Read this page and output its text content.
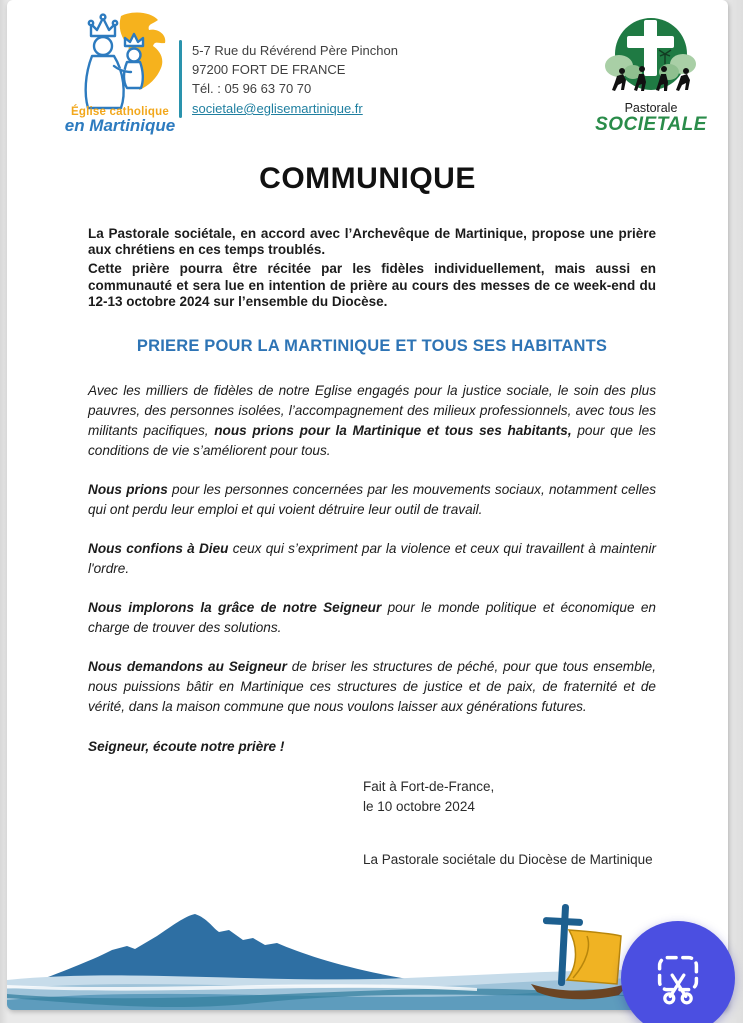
Église catholique
en Martinique
5-7 Rue du Révérend Père Pinchon
97200 FORT DE FRANCE
Tél. : 05 96 63 70 70
societale@eglisemartinique.fr	Pastorale
SOCIETALE
COMMUNIQUE

La Pastorale sociétale, en accord avec l’Archevêque de Martinique, propose une prière aux chrétiens en ces temps troublés.

Cette prière pourra être récitée par les fidèles individuellement, mais aussi en communauté et sera lue en intention de prière au cours des messes de ce week-end du 12-13 octobre 2024 sur l’ensemble du Diocèse.

PRIERE POUR LA MARTINIQUE ET TOUS SES HABITANTS

Avec les milliers de fidèles de notre Eglise engagés pour la justice sociale, le soin des plus pauvres, des personnes isolées, l’accompagnement des milieux professionnels, avec tous les militants pacifiques, nous prions pour la Martinique et tous ses habitants, pour que les conditions de vie s’améliorent pour tous.

Nous prions pour les personnes concernées par les mouvements sociaux, notamment celles qui ont perdu leur emploi et qui voient détruire leur outil de travail.

Nous confions à Dieu ceux qui s’expriment par la violence et ceux qui travaillent à maintenir l'ordre.

Nous implorons la grâce de notre Seigneur pour le monde politique et économique en charge de trouver des solutions.

Nous demandons au Seigneur de briser les structures de péché, pour que tous ensemble, nous puissions bâtir en Martinique ces structures de justice et de paix, de fraternité et de vérité, dans la maison commune que nous voulons laisser aux générations futures.

Seigneur, écoute notre prière !

Fait à Fort-de-France,
le 10 octobre 2024
La Pastorale sociétale du Diocèse de Martinique
